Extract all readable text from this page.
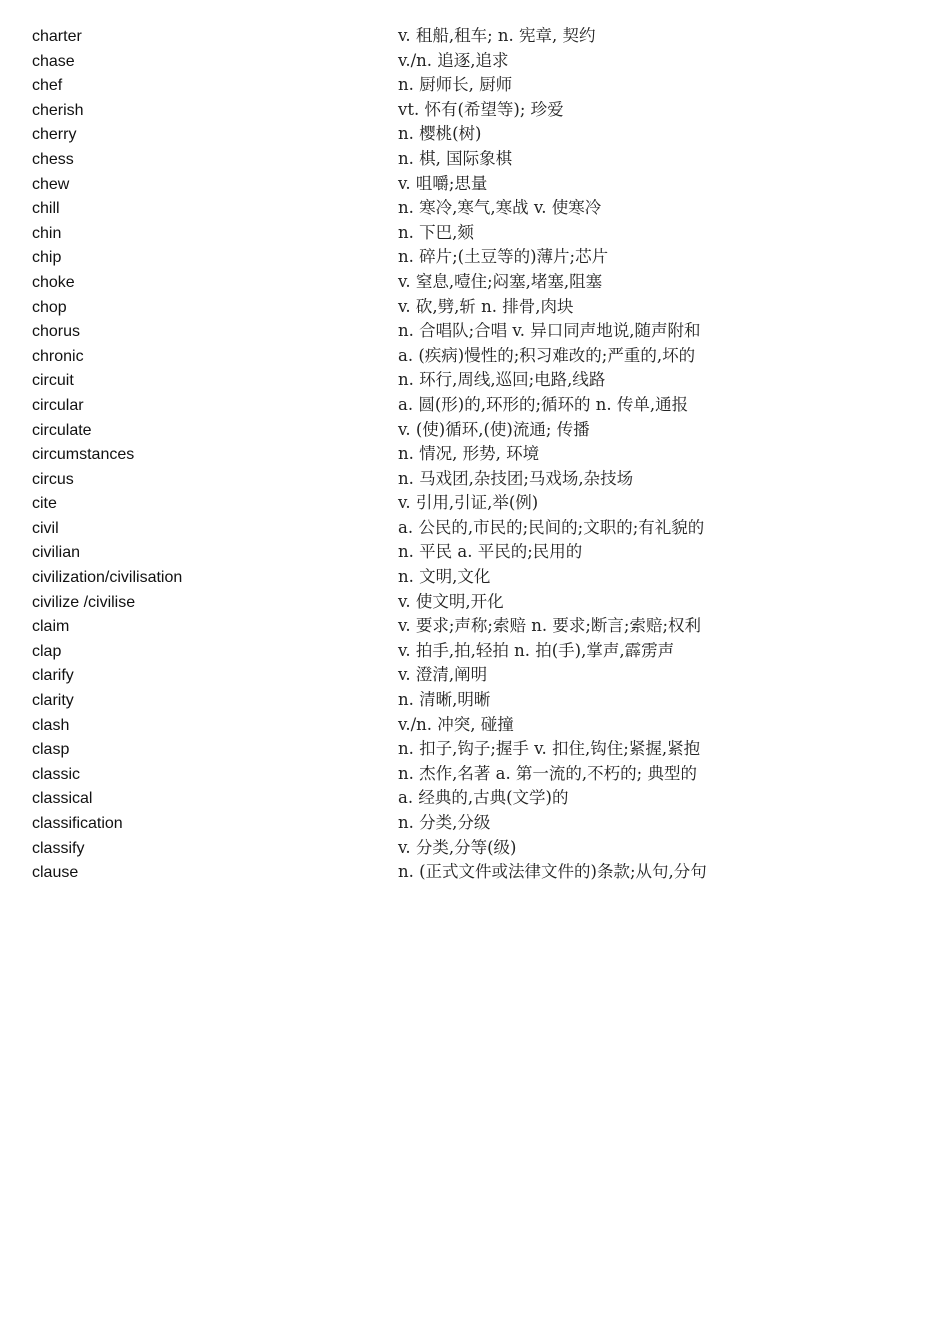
charter	v. 租船,租车; n. 宪章, 契约
chase	v./n. 追逐,追求
chef	n. 厨师长, 厨师
cherish	vt. 怀有(希望等); 珍爱
cherry	n. 樱桃(树)
chess	n. 棋, 国际象棋
chew	v. 咀嚼;思量
chill	n. 寒冷,寒气,寒战 v. 使寒冷
chin	n. 下巴,颏
chip	n. 碎片;(土豆等的)薄片;芯片
choke	v. 窒息,噎住;闷塞,堵塞,阻塞
chop	v. 砍,劈,斩 n. 排骨,肉块
chorus	n. 合唱队;合唱 v. 异口同声地说,随声附和
chronic	a. (疾病)慢性的;积习难改的;严重的,坏的
circuit	n. 环行,周线,巡回;电路,线路
circular	a. 圆(形)的,环形的;循环的 n. 传单,通报
circulate	v. (使)循环,(使)流通; 传播
circumstances	n. 情况, 形势, 环境
circus	n. 马戏团,杂技团;马戏场,杂技场
cite	v. 引用,引证,举(例)
civil	a. 公民的,市民的;民间的;文职的;有礼貌的
civilian	n. 平民 a. 平民的;民用的
civilization/civilisation	n. 文明,文化
civilize /civilise	v. 使文明,开化
claim	v. 要求;声称;索赔 n. 要求;断言;索赔;权利
clap	v. 拍手,拍,轻拍 n. 拍(手),掌声,霹雳声
clarify	v. 澄清,阐明
clarity	n. 清晰,明晰
clash	v./n. 冲突, 碰撞
clasp	n. 扣子,钩子;握手 v. 扣住,钩住;紧握,紧抱
classic	n. 杰作,名著 a. 第一流的,不朽的; 典型的
classical	a. 经典的,古典(文学)的
classification	n. 分类,分级
classify	v. 分类,分等(级)
clause	n. (正式文件或法律文件的)条款;从句,分句
